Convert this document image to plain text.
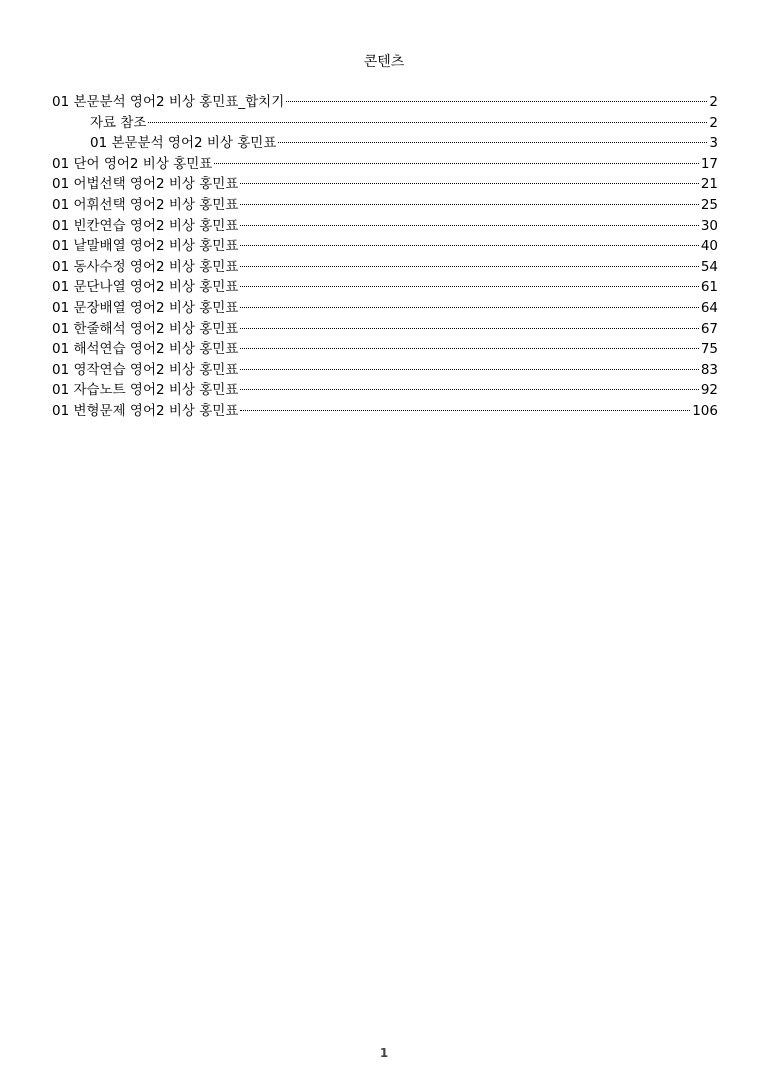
콘텐츠
01 본문분석 영어2 비상 홍민표_합치기	2
자료 참조	2
01 본문분석 영어2 비상 홍민표	3
01 단어 영어2 비상 홍민표	17
01 어법선택 영어2 비상 홍민표	21
01 어휘선택 영어2 비상 홍민표	25
01 빈칸연습 영어2 비상 홍민표	30
01 낱말배열 영어2 비상 홍민표	40
01 동사수정 영어2 비상 홍민표	54
01 문단나열 영어2 비상 홍민표	61
01 문장배열 영어2 비상 홍민표	64
01 한줄해석 영어2 비상 홍민표	67
01 해석연습 영어2 비상 홍민표	75
01 영작연습 영어2 비상 홍민표	83
01 자습노트 영어2 비상 홍민표	92
01 변형문제 영어2 비상 홍민표	106
1
